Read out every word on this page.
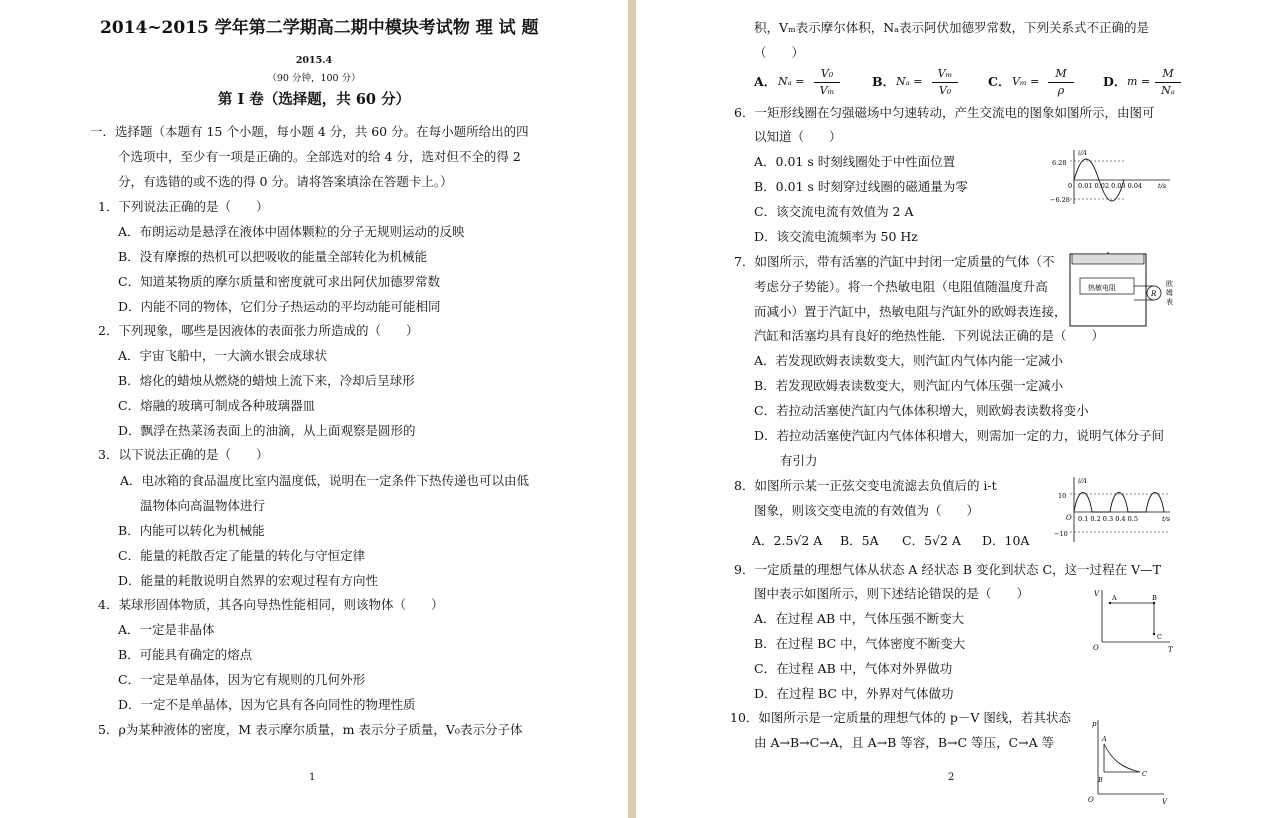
2014~2015 学年第二学期高二期中模块考试物 理 试 题
2015.4
（90 分钟，100 分）
第 I 卷（选择题，共 60 分）
一．选择题（本题有 15 个小题，每小题 4 分，共 60 分。在每小题所给出的四
个选项中，至少有一项是正确的。全部选对的给 4 分，选对但不全的得 2
分，有选错的或不选的得 0 分。请将答案填涂在答题卡上。）
1．下列说法正确的是（　　）
A．布朗运动是悬浮在液体中固体颗粒的分子无规则运动的反映
B．没有摩擦的热机可以把吸收的能量全部转化为机械能
C．知道某物质的摩尔质量和密度就可求出阿伏加德罗常数
D．内能不同的物体，它们分子热运动的平均动能可能相同
2．下列现象，哪些是因液体的表面张力所造成的（　　）
A．宇宙飞船中，一大滴水银会成球状
B．熔化的蜡烛从燃烧的蜡烛上流下来，冷却后呈球形
C．熔融的玻璃可制成各种玻璃器皿
D．飘浮在热菜汤表面上的油滴，从上面观察是圆形的
3．以下说法正确的是（　　）
A．电冰箱的食品温度比室内温度低，说明在一定条件下热传递也可以由低
温物体向高温物体进行
B．内能可以转化为机械能
C．能量的耗散否定了能量的转化与守恒定律
D．能量的耗散说明自然界的宏观过程有方向性
4．某球形固体物质，其各向导热性能相同，则该物体（　　）
A．一定是非晶体
B．可能具有确定的熔点
C．一定是单晶体，因为它有规则的几何外形
D．一定不是单晶体，因为它具有各向同性的物理性质
5．ρ为某种液体的密度，M 表示摩尔质量，m 表示分子质量，V₀表示分子体
1
积，Vₘ表示摩尔体积，Nₐ表示阿伏加德罗常数，下列关系式不正确的是
（　　）
A． Nₐ =
V₀
Vₘ
B． Nₐ =
Vₘ
V₀
C． Vₘ =
M
ρ
D． m =
M
Nₐ
6．一矩形线圈在匀强磁场中匀速转动，产生交流电的图象如图所示，由图可
以知道（　　）
A．0.01 s 时刻线圈处于中性面位置
B．0.01 s 时刻穿过线圈的磁通量为零
C．该交流电流有效值为 2 A
D．该交流电流频率为 50 Hz
i/A
t/s
6.28
−6.28
0 0.01 0.02 0.03 0.04
7．如图所示，带有活塞的汽缸中封闭一定质量的气体（不
考虑分子势能）。将一个热敏电阻（电阻值随温度升高
而减小）置于汽缸中，热敏电阻与汽缸外的欧姆表连接，
汽缸和活塞均具有良好的绝热性能．下列说法正确的是（　　）
A．若发现欧姆表读数变大，则汽缸内气体内能一定减小
B．若发现欧姆表读数变大，则汽缸内气体压强一定减小
C．若拉动活塞使汽缸内气体体积增大，则欧姆表读数将变小
D．若拉动活塞使汽缸内气体体积增大，则需加一定的力，说明气体分子间
有引力
热敏电阻
R
欧
姆
表
8．如图所示某一正弦交变电流滤去负值后的 i-t
图象，则该交变电流的有效值为（　　）
A．2.5√2 A B．5A C．5√2 A D．10A
i/A
t/s
10
−10
O 0.1 0.2 0.3 0.4 0.5
9．一定质量的理想气体从状态 A 经状态 B 变化到状态 C，这一过程在 V—T
图中表示如图所示，则下述结论错误的是（　　）
A．在过程 AB 中，气体压强不断变大
B．在过程 BC 中，气体密度不断变大
C．在过程 AB 中，气体对外界做功
D．在过程 BC 中，外界对气体做功
V
T
O
A	B
C
10．如图所示是一定质量的理想气体的 p－V 图线，若其状态
由 A→B→C→A，且 A→B 等容，B→C 等压，C→A 等
p
V
O
A
B
C
2
